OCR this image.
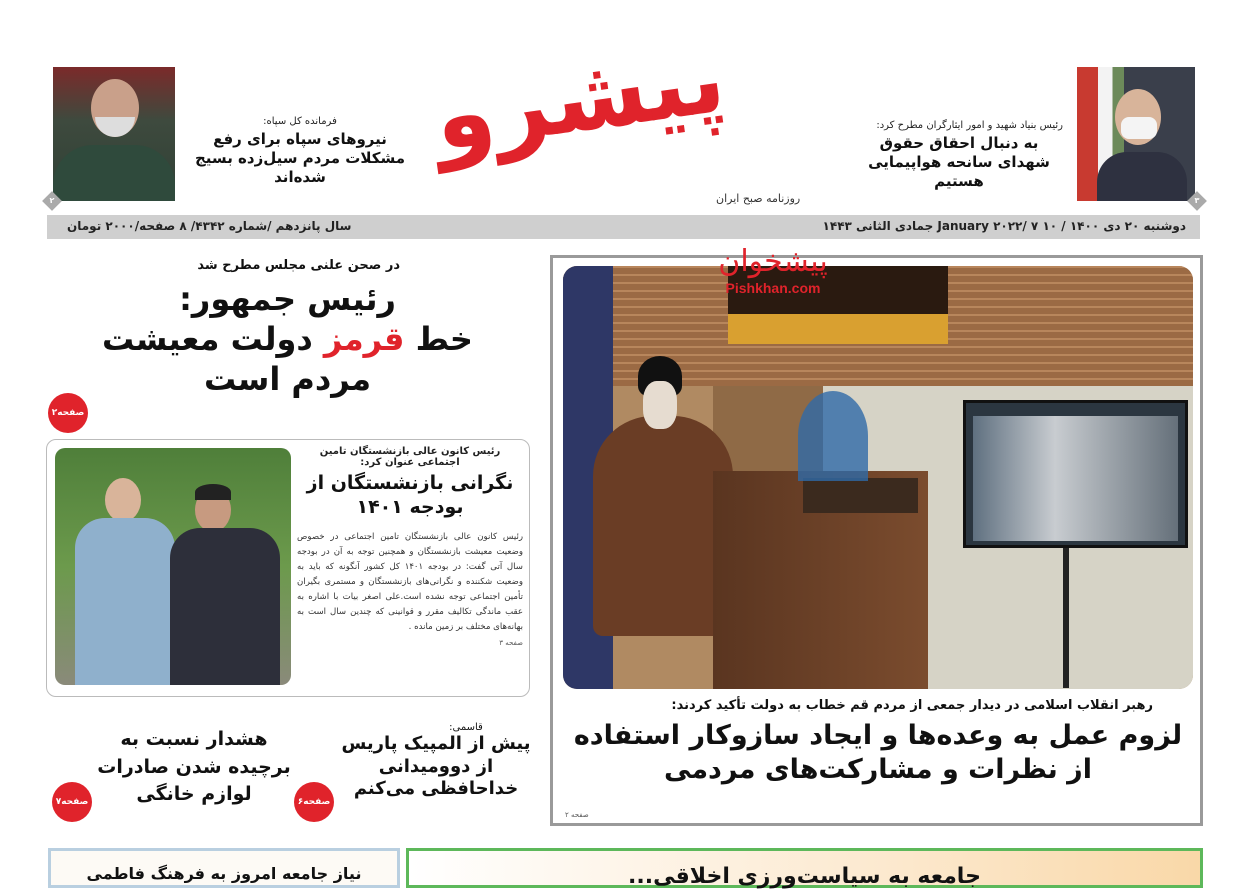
پیشرو
روزنامه صبح ایران	۳
رئیس بنیاد شهید و امور ایثارگران مطرح کرد:
به دنبال احقاق حقوق شهدای سانحه هواپیمایی هستیم
۲
فرمانده کل سپاه:
نیروهای سپاه برای رفع مشکلات مردم سیل‌زده بسیج شده‌اند
دوشنبه ۲۰ دی ۱۴۰۰ / ۱۰ January ۲۰۲۲/ ۷ جمادی الثانی ۱۴۴۳
سال پانزدهم /شماره ۴۳۴۲/ ۸ صفحه/۲۰۰۰ تومان
پیشخوان
Pishkhan.com
رهبر انقلاب اسلامی در دیدار جمعی از مردم قم خطاب به دولت تأکید کردند:
لزوم عمل به وعده‌ها و ایجاد سازوکار استفاده از نظرات و مشارکت‌های مردمی
صفحه ۲
در صحن علنی مجلس مطرح شد
رئیس جمهور:
خط قرمز دولت معیشت
مردم است
صفحه۲
رئیس کانون عالی بازنشستگان تامین اجتماعی عنوان کرد:
نگرانی بازنشستگان از بودجه ۱۴۰۱
رئیس کانون عالی بازنشستگان تامین اجتماعی در خصوص وضعیت معیشت بازنشستگان و همچنین توجه به آن در بودجه سال آتی گفت: در بودجه ۱۴۰۱ کل کشور آنگونه که باید به وضعیت شکننده و نگرانی‌های بازنشستگان و مستمری بگیران تأمین اجتماعی توجه نشده است.علی اصغر بیات با اشاره به عقب ماندگی تکالیف مقرر و قوانینی که چندین سال است به بهانه‌های مختلف بر زمین مانده .
صفحه ۳
قاسمی:
پیش از المپیک پاریس از دوومیدانی خداحافظی می‌کنم
صفحه۶
هشدار نسبت به برچیده شدن صادرات لوازم خانگی
صفحه۷
نیاز جامعه امروز به فرهنگ فاطمی	جامعه به سیاست‌ورزی اخلاقی...
